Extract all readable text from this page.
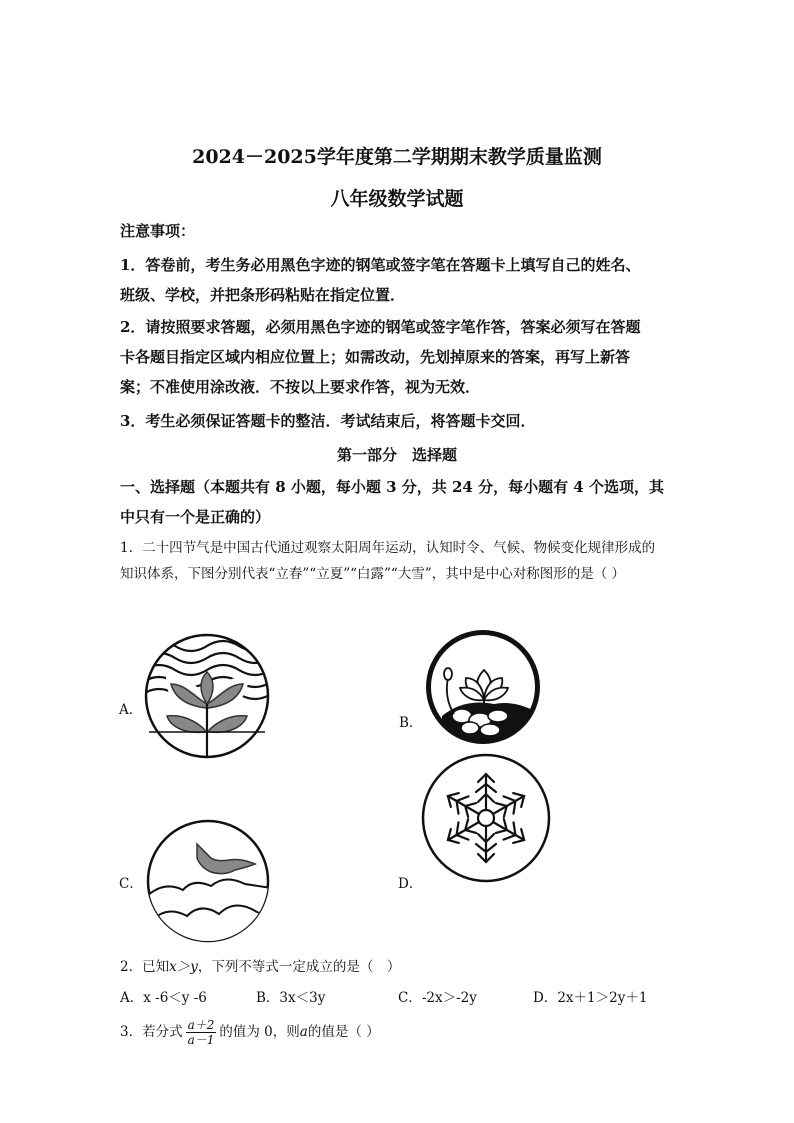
2024－2025学年度第二学期期末教学质量监测
八年级数学试题
注意事项：
1．答卷前，考生务必用黑色字迹的钢笔或签字笔在答题卡上填写自己的姓名、
班级、学校，并把条形码粘贴在指定位置．
2．请按照要求答题，必须用黑色字迹的钢笔或签字笔作答，答案必须写在答题
卡各题目指定区域内相应位置上；如需改动，先划掉原来的答案，再写上新答
案；不准使用涂改液．不按以上要求作答，视为无效．
3．考生必须保证答题卡的整洁．考试结束后，将答题卡交回．
第一部分　选择题
一、选择题（本题共有 8 小题，每小题 3 分，共 24 分，每小题有 4 个选项，其
中只有一个是正确的）
1．二十四节气是中国古代通过观察太阳周年运动，认知时令、气候、物候变化规律形成的
知识体系，下图分别代表“立春”“立夏”“白露”“大雪”，其中是中心对称图形的是（ ）
A．
B．
C．	D．
2．已知x＞y，下列不等式一定成立的是（　）
A．x -6＜y -6	B．3x＜3y	C．-2x＞-2y	D．2x＋1＞2y＋1
3．若分式 $\frac{a+2}{a-1}$ 的值为 0，则a的值是（ ）
